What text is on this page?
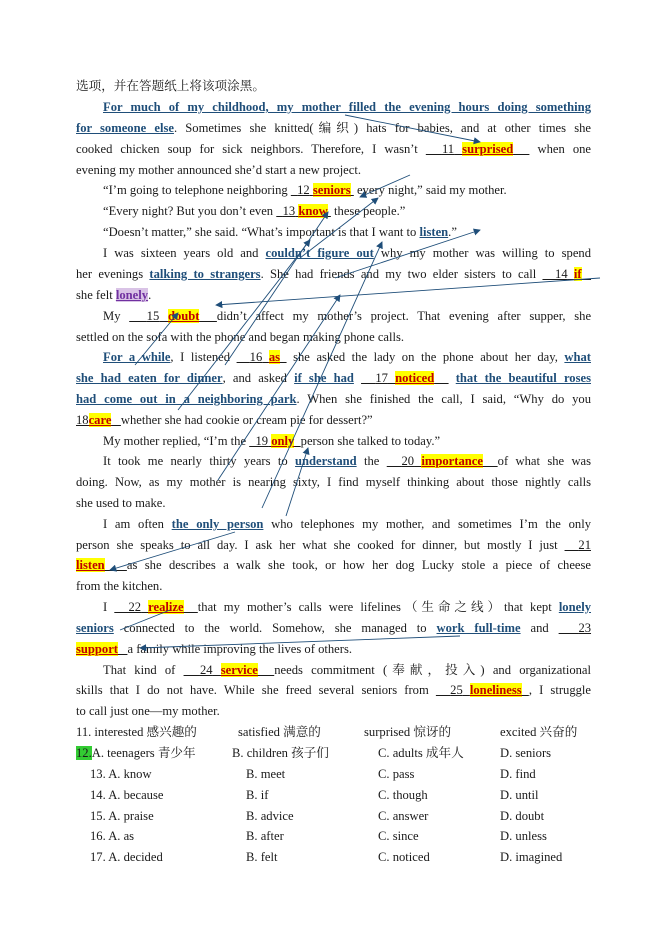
选项，并在答题纸上将该项涂黑。
For much of my childhood, my mother filled the evening hours doing something
for someone else. Sometimes she knitted(编织) hats for babies, and at other times she
cooked chicken soup for sick neighbors. Therefore, I wasn’t 11 surprised when one
evening my mother announced she’d start a new project.
“I’m going to telephone neighboring 12 seniors every night,” said my mother.
“Every night? But you don’t even 13 know these people.”
“Doesn’t matter,” she said. “What’s important is that I want to listen.”
I was sixteen years old and couldn’t figure out why my mother was willing to spend
her evenings talking to strangers. She had friends and my two elder sisters to call 14 if
she felt lonely.
My 15 doubt didn’t affect my mother’s project. That evening after supper, she
settled on the sofa with the phone and began making phone calls.
For a while, I listened 16 as she asked the lady on the phone about her day, what
she had eaten for dinner, and asked if she had 17 noticed that the beautiful roses
had come out in a neighboring park. When she finished the call, I said, “Why do you
18care whether she had cookie or cream pie for dessert?”
My mother replied, “I’m the 19 only person she talked to today.”
It took me nearly thirty years to understand the 20 importance of what she was
doing. Now, as my mother is nearing sixty, I find myself thinking about those nightly calls
she used to make.
I am often the only person who telephones my mother, and sometimes I’m the only
person she speaks to all day. I ask her what she cooked for dinner, but mostly I just 21
listen as she describes a walk she took, or how her dog Lucky stole a piece of cheese
from the kitchen.
I 22 realize that my mother’s calls were lifelines（生命之线）that kept lonely
seniors connected to the world. Somehow, she managed to work full-time and 23
support a family while improving the lives of others.
That kind of 24 service needs commitment (奉献，投入) and organizational
skills that I do not have. While she freed several seniors from 25 loneliness , I struggle
to call just one—my mother.
11. interested 感兴趣的	satisfied 满意的	surprised 惊讶的	excited 兴奋的
12.A. teenagers 青少年	B. children 孩子们	C. adults 成年人	D. seniors
13. A. know	B. meet	C. pass	D. find
14. A. because	B. if	C. though	D. until
15. A. praise	B. advice	C. answer	D. doubt
16. A. as	B. after	C. since	D. unless
17. A. decided	B. felt	C. noticed	D. imagined
